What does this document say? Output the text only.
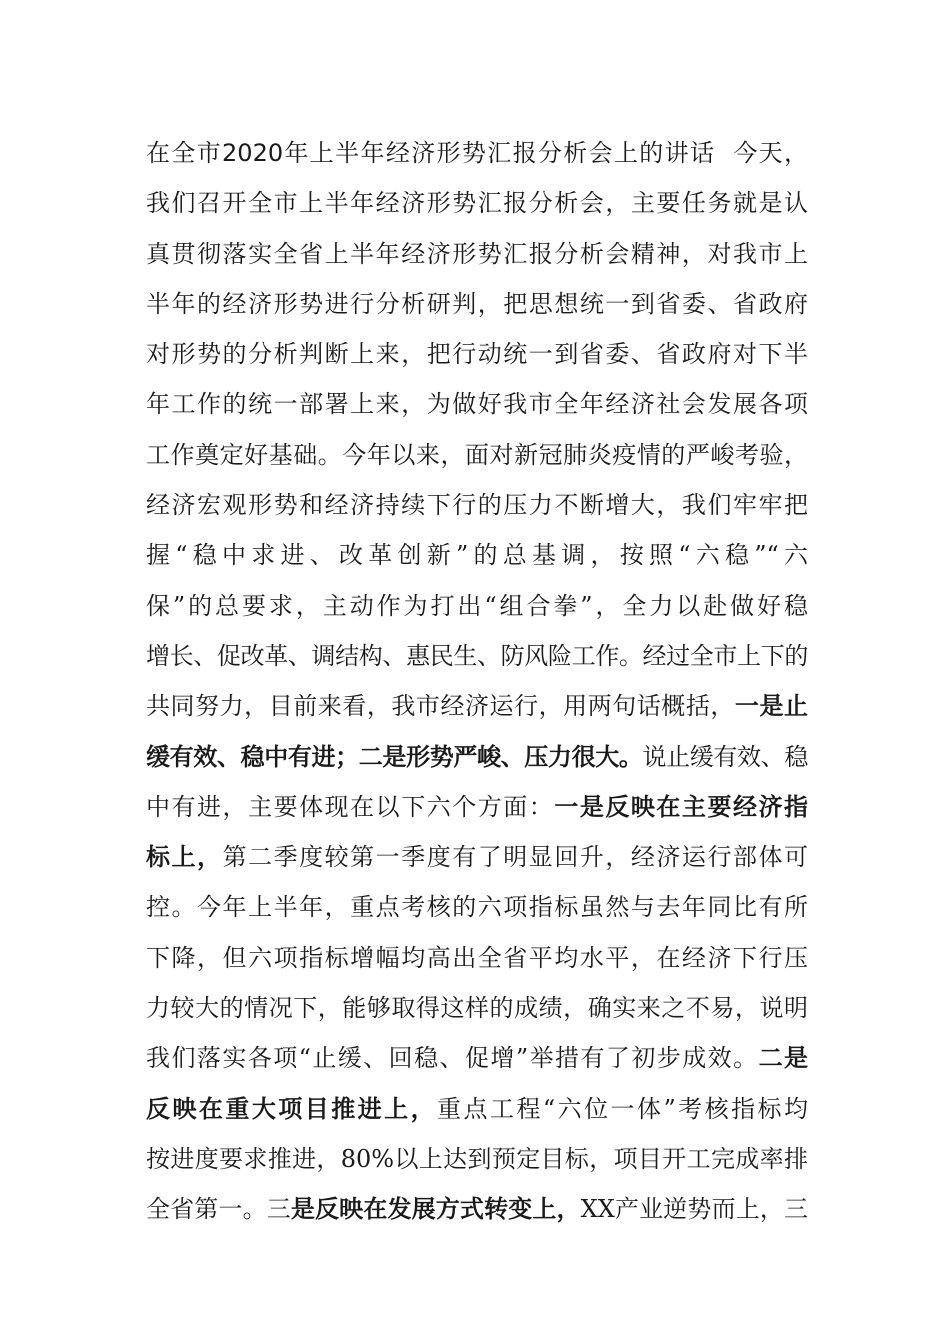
在全市2020年上半年经济形势汇报分析会上的讲话 今天，
我们召开全市上半年经济形势汇报分析会，主要任务就是认
真贯彻落实全省上半年经济形势汇报分析会精神，对我市上
半年的经济形势进行分析研判，把思想统一到省委、省政府
对形势的分析判断上来，把行动统一到省委、省政府对下半
年工作的统一部署上来，为做好我市全年经济社会发展各项
工作奠定好基础。今年以来，面对新冠肺炎疫情的严峻考验，
经济宏观形势和经济持续下行的压力不断增大，我们牢牢把
握“稳中求进、改革创新”的总基调，按照“六稳”“六
保”的总要求，主动作为打出“组合拳”，全力以赴做好稳
增长、促改革、调结构、惠民生、防风险工作。经过全市上下的
共同努力，目前来看，我市经济运行，用两句话概括，一是止
缓有效、稳中有进；二是形势严峻、压力很大。说止缓有效、稳
中有进，主要体现在以下六个方面：一是反映在主要经济指
标上，第二季度较第一季度有了明显回升，经济运行部体可
控。今年上半年，重点考核的六项指标虽然与去年同比有所
下降，但六项指标增幅均高出全省平均水平，在经济下行压
力较大的情况下，能够取得这样的成绩，确实来之不易，说明
我们落实各项“止缓、回稳、促增”举措有了初步成效。二是
反映在重大项目推进上，重点工程“六位一体”考核指标均
按进度要求推进，80%以上达到预定目标，项目开工完成率排
全省第一。三是反映在发展方式转变上，XX产业逆势而上，三
